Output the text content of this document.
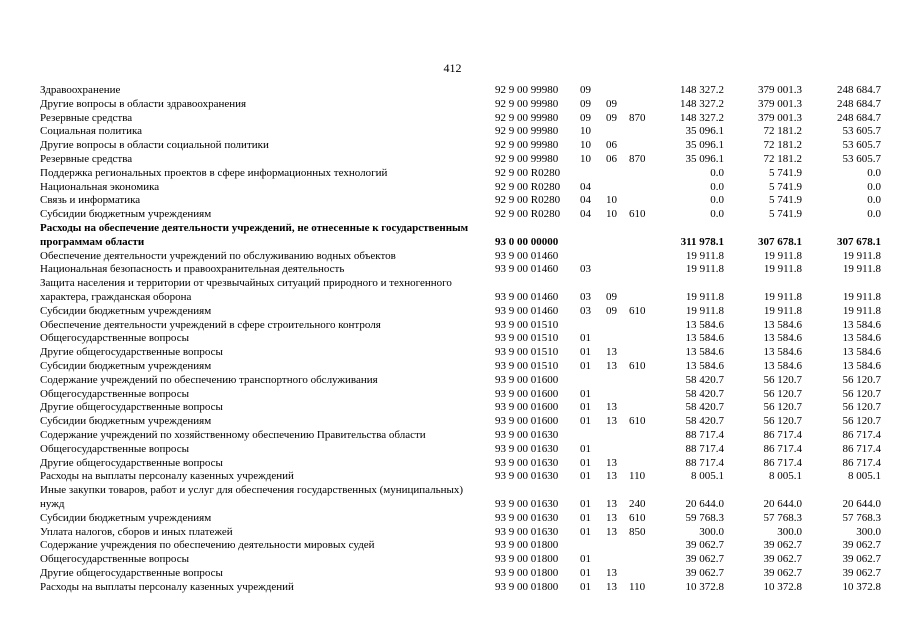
412
Здравоохранение	92 9 00 99980 09	148 327.2	379 001.3	248 684.7
Другие вопросы в области здравоохранения	92 9 00 99980 09 09	148 327.2	379 001.3	248 684.7
Резервные средства	92 9 00 99980 09 09 870	148 327.2	379 001.3	248 684.7
Социальная политика	92 9 00 99980 10	35 096.1	72 181.2	53 605.7
Другие вопросы в области социальной политики	92 9 00 99980 10 06	35 096.1	72 181.2	53 605.7
Резервные средства	92 9 00 99980 10 06 870	35 096.1	72 181.2	53 605.7
Поддержка региональных проектов в сфере информационных технологий	92 9 00 R0280	0.0	5 741.9	0.0
Национальная экономика	92 9 00 R0280 04	0.0	5 741.9	0.0
Связь и информатика	92 9 00 R0280 04 10	0.0	5 741.9	0.0
Субсидии бюджетным учреждениям	92 9 00 R0280 04 10 610	0.0	5 741.9	0.0
Расходы на обеспечение деятельности учреждений, не отнесенные к государственным программам области	93 0 00 00000	311 978.1	307 678.1	307 678.1
Обеспечение деятельности учреждений по обслуживанию водных объектов	93 9 00 01460	19 911.8	19 911.8	19 911.8
Национальная безопасность и правоохранительная деятельность	93 9 00 01460 03	19 911.8	19 911.8	19 911.8
Защита населения и территории от чрезвычайных ситуаций природного и техногенного характера, гражданская оборона	93 9 00 01460 03 09	19 911.8	19 911.8	19 911.8
Субсидии бюджетным учреждениям	93 9 00 01460 03 09 610	19 911.8	19 911.8	19 911.8
Обеспечение деятельности учреждений в сфере строительного контроля	93 9 00 01510	13 584.6	13 584.6	13 584.6
Общегосударственные вопросы	93 9 00 01510 01	13 584.6	13 584.6	13 584.6
Другие общегосударственные вопросы	93 9 00 01510 01 13	13 584.6	13 584.6	13 584.6
Субсидии бюджетным учреждениям	93 9 00 01510 01 13 610	13 584.6	13 584.6	13 584.6
Содержание учреждений по обеспечению транспортного обслуживания	93 9 00 01600	58 420.7	56 120.7	56 120.7
Общегосударственные вопросы	93 9 00 01600 01	58 420.7	56 120.7	56 120.7
Другие общегосударственные вопросы	93 9 00 01600 01 13	58 420.7	56 120.7	56 120.7
Субсидии бюджетным учреждениям	93 9 00 01600 01 13 610	58 420.7	56 120.7	56 120.7
Содержание учреждений по хозяйственному обеспечению Правительства области	93 9 00 01630	88 717.4	86 717.4	86 717.4
Общегосударственные вопросы	93 9 00 01630 01	88 717.4	86 717.4	86 717.4
Другие общегосударственные вопросы	93 9 00 01630 01 13	88 717.4	86 717.4	86 717.4
Расходы на выплаты персоналу казенных учреждений	93 9 00 01630 01 13 110	8 005.1	8 005.1	8 005.1
Иные закупки товаров, работ и услуг для обеспечения государственных (муниципальных) нужд	93 9 00 01630 01 13 240	20 644.0	20 644.0	20 644.0
Субсидии бюджетным учреждениям	93 9 00 01630 01 13 610	59 768.3	57 768.3	57 768.3
Уплата налогов, сборов и иных платежей	93 9 00 01630 01 13 850	300.0	300.0	300.0
Содержание учреждения по обеспечению деятельности мировых судей	93 9 00 01800	39 062.7	39 062.7	39 062.7
Общегосударственные вопросы	93 9 00 01800 01	39 062.7	39 062.7	39 062.7
Другие общегосударственные вопросы	93 9 00 01800 01 13	39 062.7	39 062.7	39 062.7
Расходы на выплаты персоналу казенных учреждений	93 9 00 01800 01 13 110	10 372.8	10 372.8	10 372.8
